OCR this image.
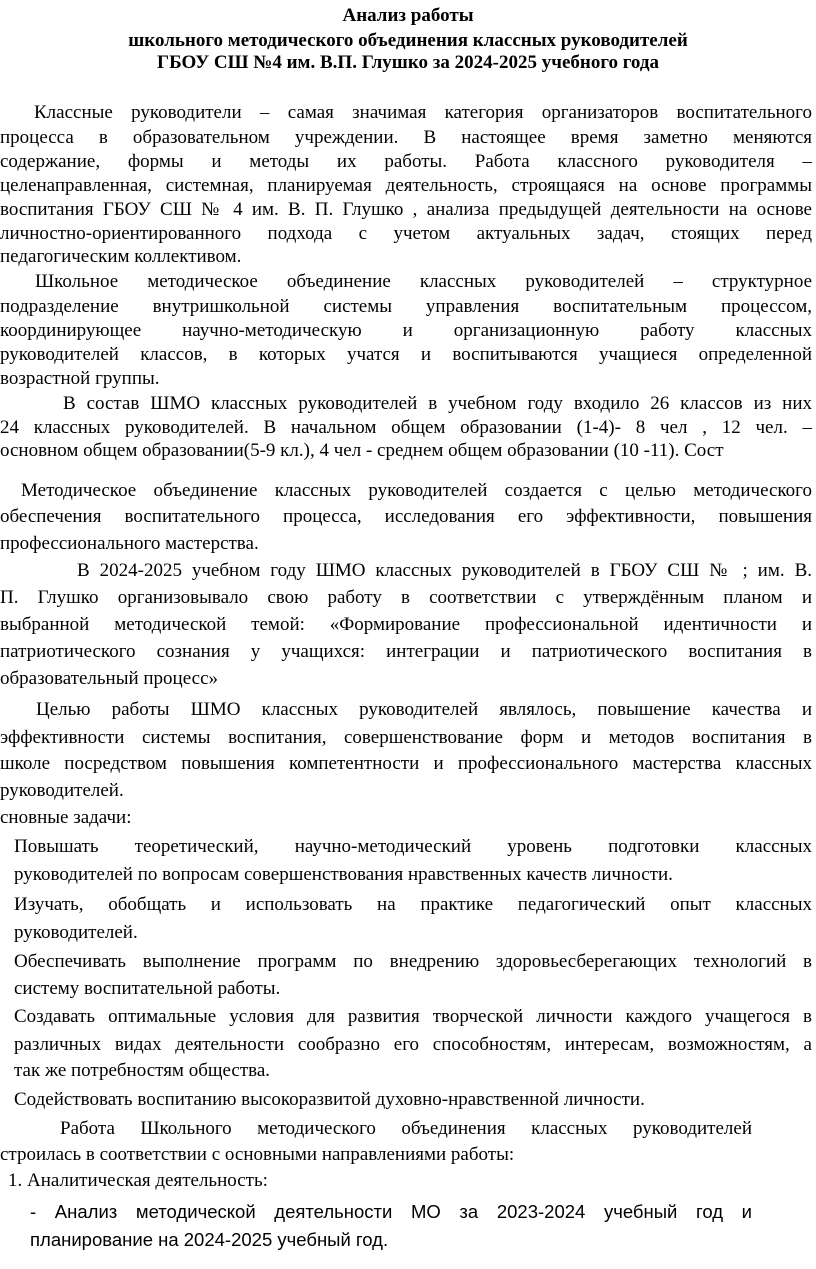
Анализ работы
школьного методического объединения классных руководителей
ГБОУ СШ №4 им. В.П. Глушко за 2024-2025 учебного года
Классные руководители – самая значимая категория организаторов воспитательного
процесса в образовательном учреждении. В настоящее время заметно меняются
содержание, формы и методы их работы. Работа классного руководителя –
целенаправленная, системная, планируемая деятельность, строящаяся на основе программы
воспитания ГБОУ СШ № 4 им. В. П. Глушко , анализа предыдущей деятельности на основе
личностно-ориентированного подхода с учетом актуальных задач, стоящих перед
педагогическим коллективом.
Школьное методическое объединение классных руководителей – структурное
подразделение внутришкольной системы управления воспитательным процессом,
координирующее научно-методическую и организационную работу классных
руководителей классов, в которых учатся и воспитываются учащиеся определенной
возрастной группы.
В состав ШМО классных руководителей в учебном году входило 26 классов из них
24 классных руководителей. В начальном общем образовании (1-4)- 8 чел , 12 чел. –
основном общем образовании(5-9 кл.), 4 чел - среднем общем образовании (10 -11). Сост
Методическое объединение классных руководителей создается с целью методического
обеспечения воспитательного процесса, исследования его эффективности, повышения
профессионального мастерства.
В 2024-2025 учебном году ШМО классных руководителей в ГБОУ СШ № ; им. В.
П. Глушко организовывало свою работу в соответствии с утверждённым планом и
выбранной методической темой: «Формирование профессиональной идентичности и
патриотического сознания у учащихся: интеграции и патриотического воспитания в
образовательный процесс»
Целью работы ШМО классных руководителей являлось, повышение качества и
эффективности системы воспитания, совершенствование форм и методов воспитания в
школе посредством повышения компетентности и профессионального мастерства классных
руководителей.
сновные задачи:
Повышать теоретический, научно-методический уровень подготовки классных
руководителей по вопросам совершенствования нравственных качеств личности.
Изучать, обобщать и использовать на практике педагогический опыт классных
руководителей.
Обеспечивать выполнение программ по внедрению здоровьесберегающих технологий в
систему воспитательной работы.
Создавать оптимальные условия для развития творческой личности каждого учащегося в
различных видах деятельности сообразно его способностям, интересам, возможностям, а
так же потребностям общества.
Содействовать воспитанию высокоразвитой духовно-нравственной личности.
Работа Школьного методического объединения классных руководителей
строилась в соответствии с основными направлениями работы:
1. Аналитическая деятельность:
- Анализ методической деятельности МО за 2023-2024 учебный год и
планирование на 2024-2025 учебный год.
